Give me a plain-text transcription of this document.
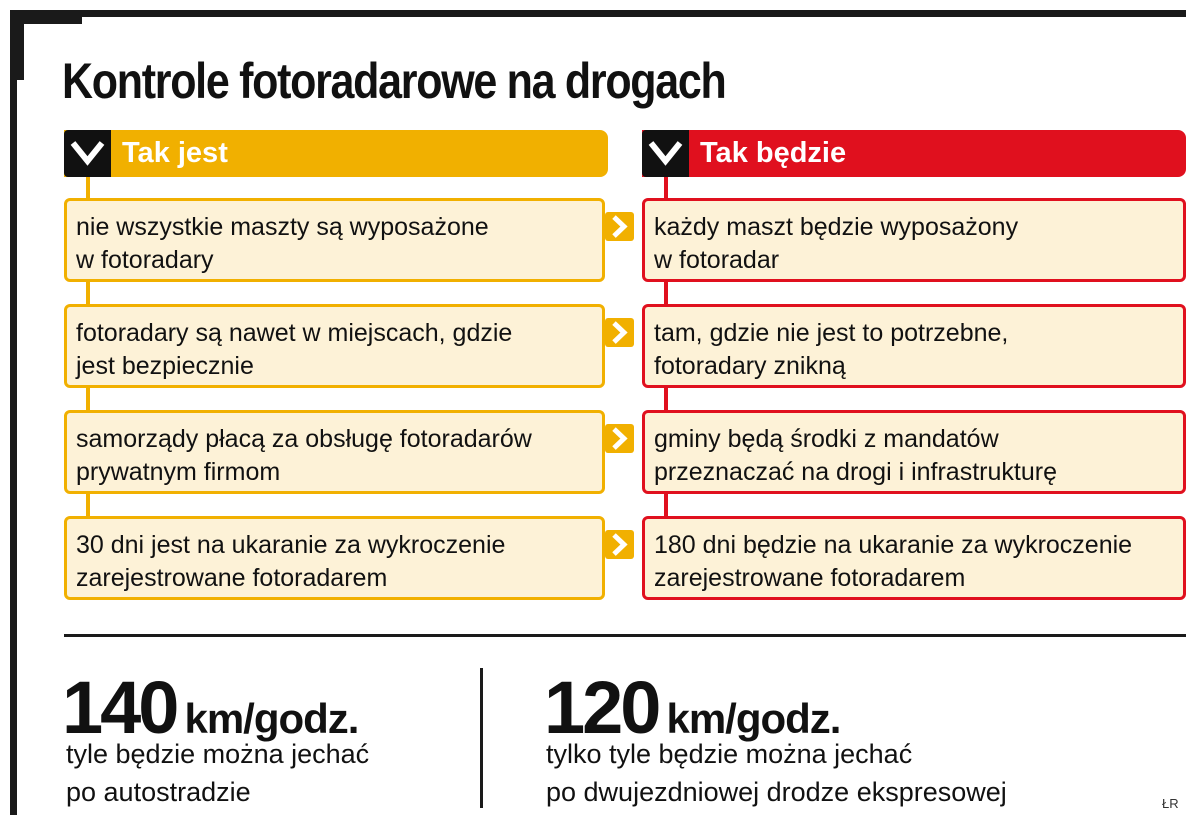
Kontrole fotoradarowe na drogach
Tak jest	Tak będzie
nie wszystkie maszty są wyposażone
w fotoradary
każdy maszt będzie wyposażony
w fotoradar
fotoradary są nawet w miejscach, gdzie
jest bezpiecznie
tam, gdzie nie jest to potrzebne,
fotoradary znikną
samorządy płacą za obsługę fotoradarów
prywatnym firmom
gminy będą środki z mandatów
przeznaczać na drogi i infrastrukturę
30 dni jest na ukaranie za wykroczenie
zarejestrowane fotoradarem
180 dni będzie na ukaranie za wykroczenie
zarejestrowane fotoradarem
140 km/godz.
tyle będzie można jechać
po autostradzie
120 km/godz.
tylko tyle będzie można jechać
po dwujezdniowej drodze ekspresowej	ŁR
